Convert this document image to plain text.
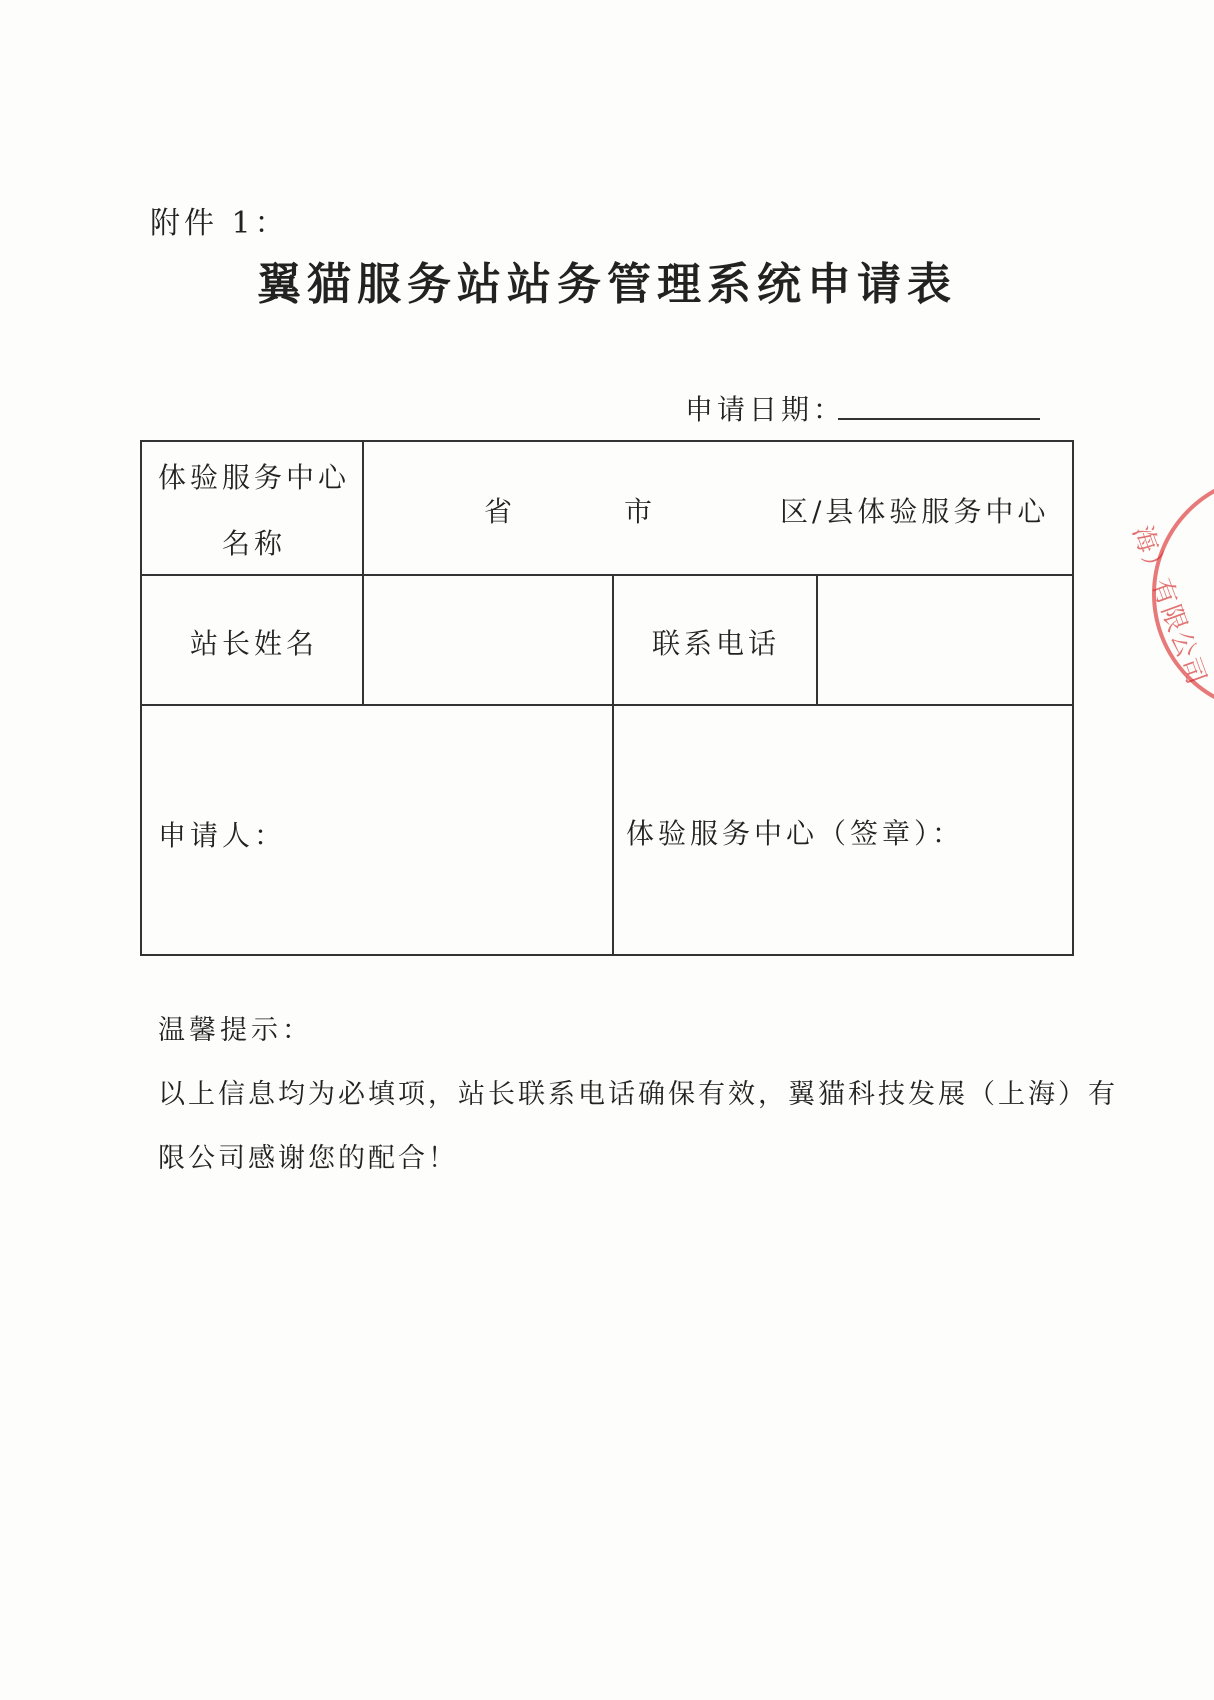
附件 1：
翼猫服务站站务管理系统申请表
申请日期：
体验服务中心
名称
省	市	区/县体验服务中心
站长姓名	联系电话
申请人：	体验服务中心（签章）：
温馨提示：
以上信息均为必填项，站长联系电话确保有效，翼猫科技发展（上海）有
限公司感谢您的配合！
海）有限公司
